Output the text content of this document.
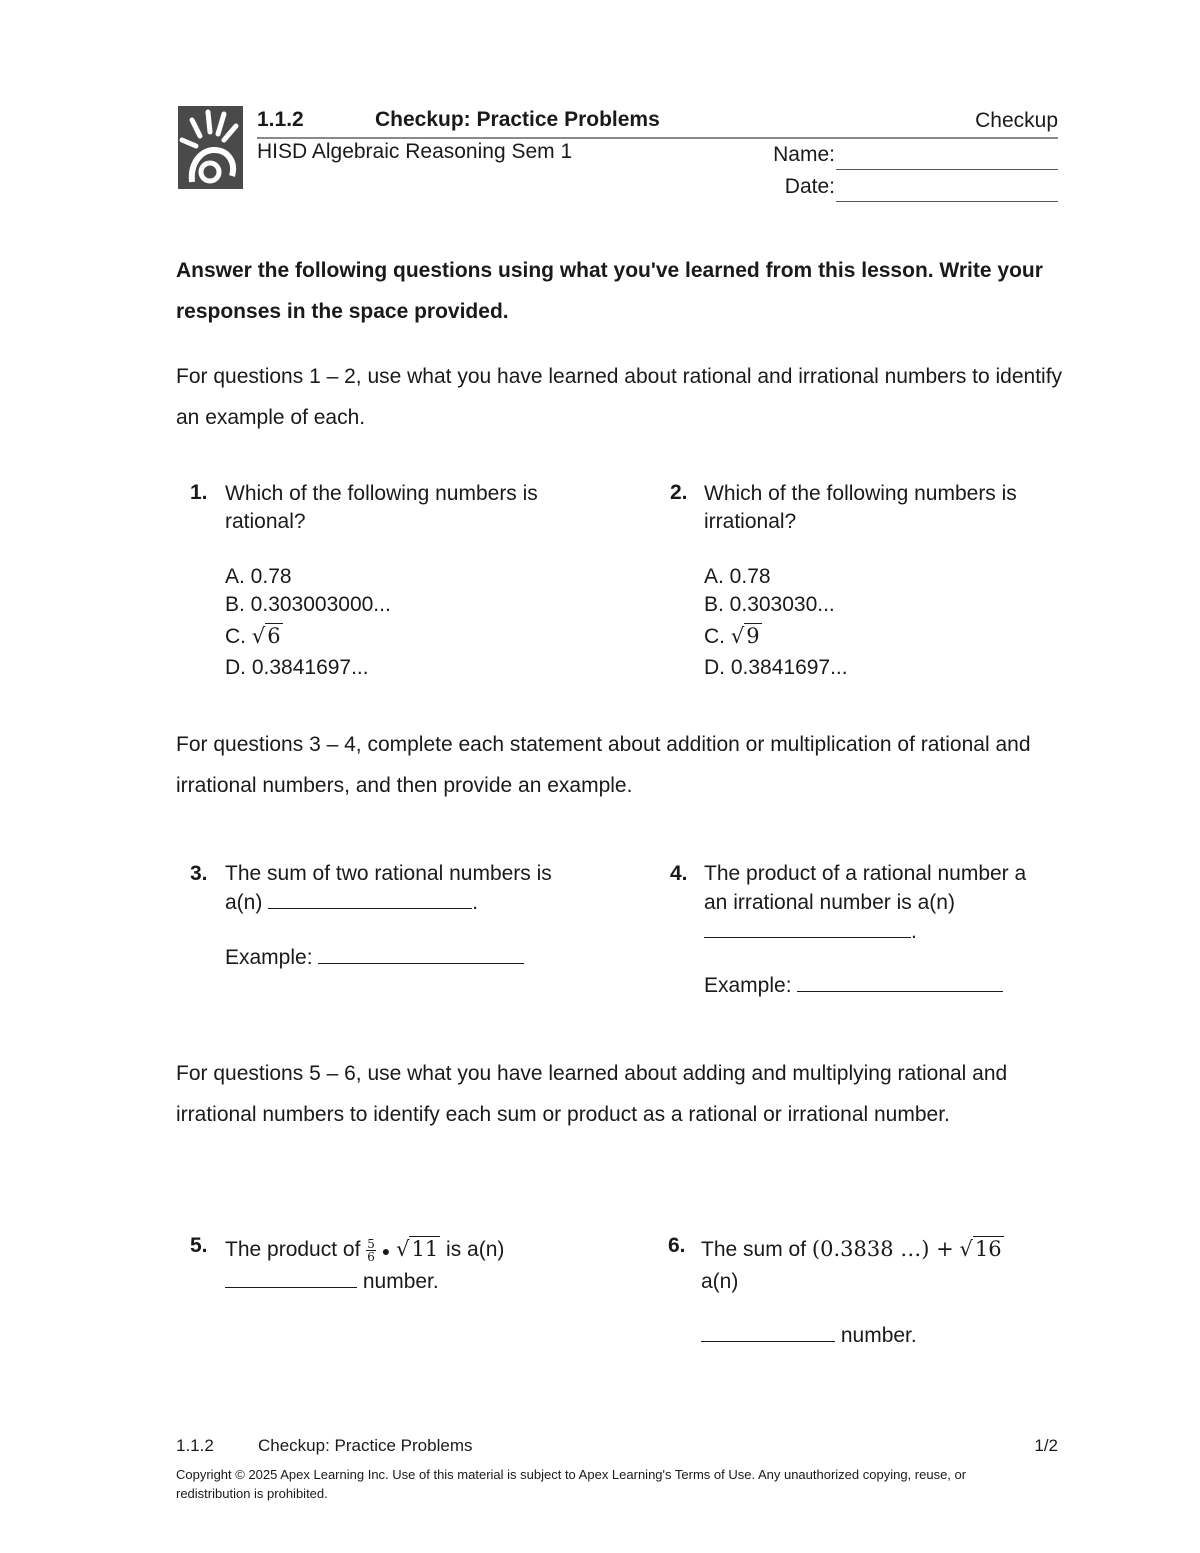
1.1.2	Checkup: Practice Problems	Checkup
HISD Algebraic Reasoning Sem 1	Name:
Date:
Answer the following questions using what you've learned from this lesson. Write your responses in the space provided.
For questions 1 – 2, use what you have learned about rational and irrational numbers to identify an example of each.
1. Which of the following numbers is rational?
A. 0.78
B. 0.303003000...
C. √6
D. 0.3841697...
2. Which of the following numbers is irrational?
A. 0.78
B. 0.303030...
C. √9
D. 0.3841697...
For questions 3 – 4, complete each statement about addition or multiplication of rational and irrational numbers, and then provide an example.
3. The sum of two rational numbers is
a(n)	.
Example:
4. The product of a rational number a
an irrational number is a(n)
.
Example:
For questions 5 – 6, use what you have learned about adding and multiplying rational and irrational numbers to identify each sum or product as a rational or irrational number.
5. The product of $\frac{5}{6}$ ● √11 is a(n)
number.
6. The sum of (0.3838 …) + √16
a(n)
number.
1.1.2	Checkup: Practice Problems	1/2
Copyright © 2025 Apex Learning Inc. Use of this material is subject to Apex Learning's Terms of Use. Any unauthorized copying, reuse, or redistribution is prohibited.
